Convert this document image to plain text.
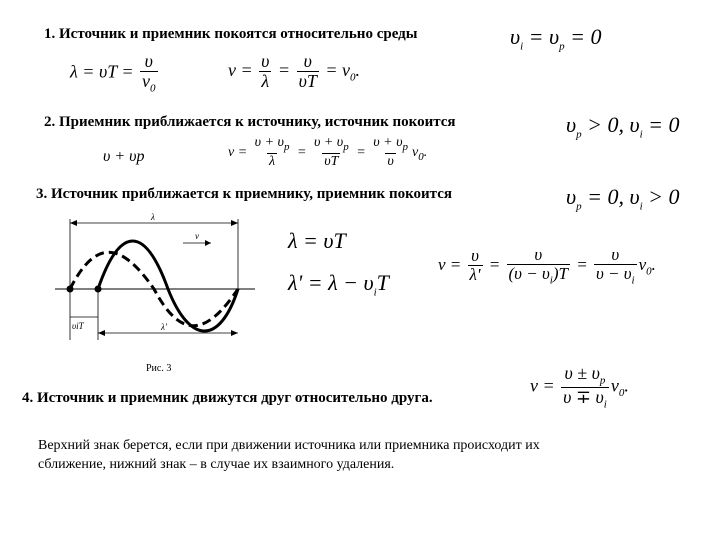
1. Источник и приемник покоятся относительно среды	$\upsilon_i = \upsilon_p = 0$
$\lambda = \upsilon T = \frac{\upsilon}{\nu_0}$	$\nu = \frac{\upsilon}{\lambda} = \frac{\upsilon}{\upsilon T} = \nu_0$.
2. Приемник приближается к источнику, источник покоится	$\upsilon_p > 0$, $\upsilon_i = 0$
υ + υp	$\nu = \frac{\upsilon + \upsilon_p}{\lambda} = \frac{\upsilon + \upsilon_p}{\upsilon T} = \frac{\upsilon + \upsilon_p}{\upsilon} \nu_0$.
3. Источник приближается к приемнику, приемник покоится	$\upsilon_p = 0$, $\upsilon_i > 0$
λ
v
υiT	λ'
Рис. 3
λ = υT
$\lambda' = \lambda - \upsilon_iT$
$\nu = \frac{\upsilon}{\lambda'} = \frac{\upsilon}{(\upsilon - \upsilon_i)T} = \frac{\upsilon}{\upsilon - \upsilon_i} \nu_0$.
4. Источник и приемник движутся друг относительно друга.
$\nu = \frac{\upsilon \pm \upsilon_p}{\upsilon \mp \upsilon_i} \nu_0$.
Верхний знак берется, если при движении источника или приемника происходит их
сближение, нижний знак – в случае их взаимного удаления.
